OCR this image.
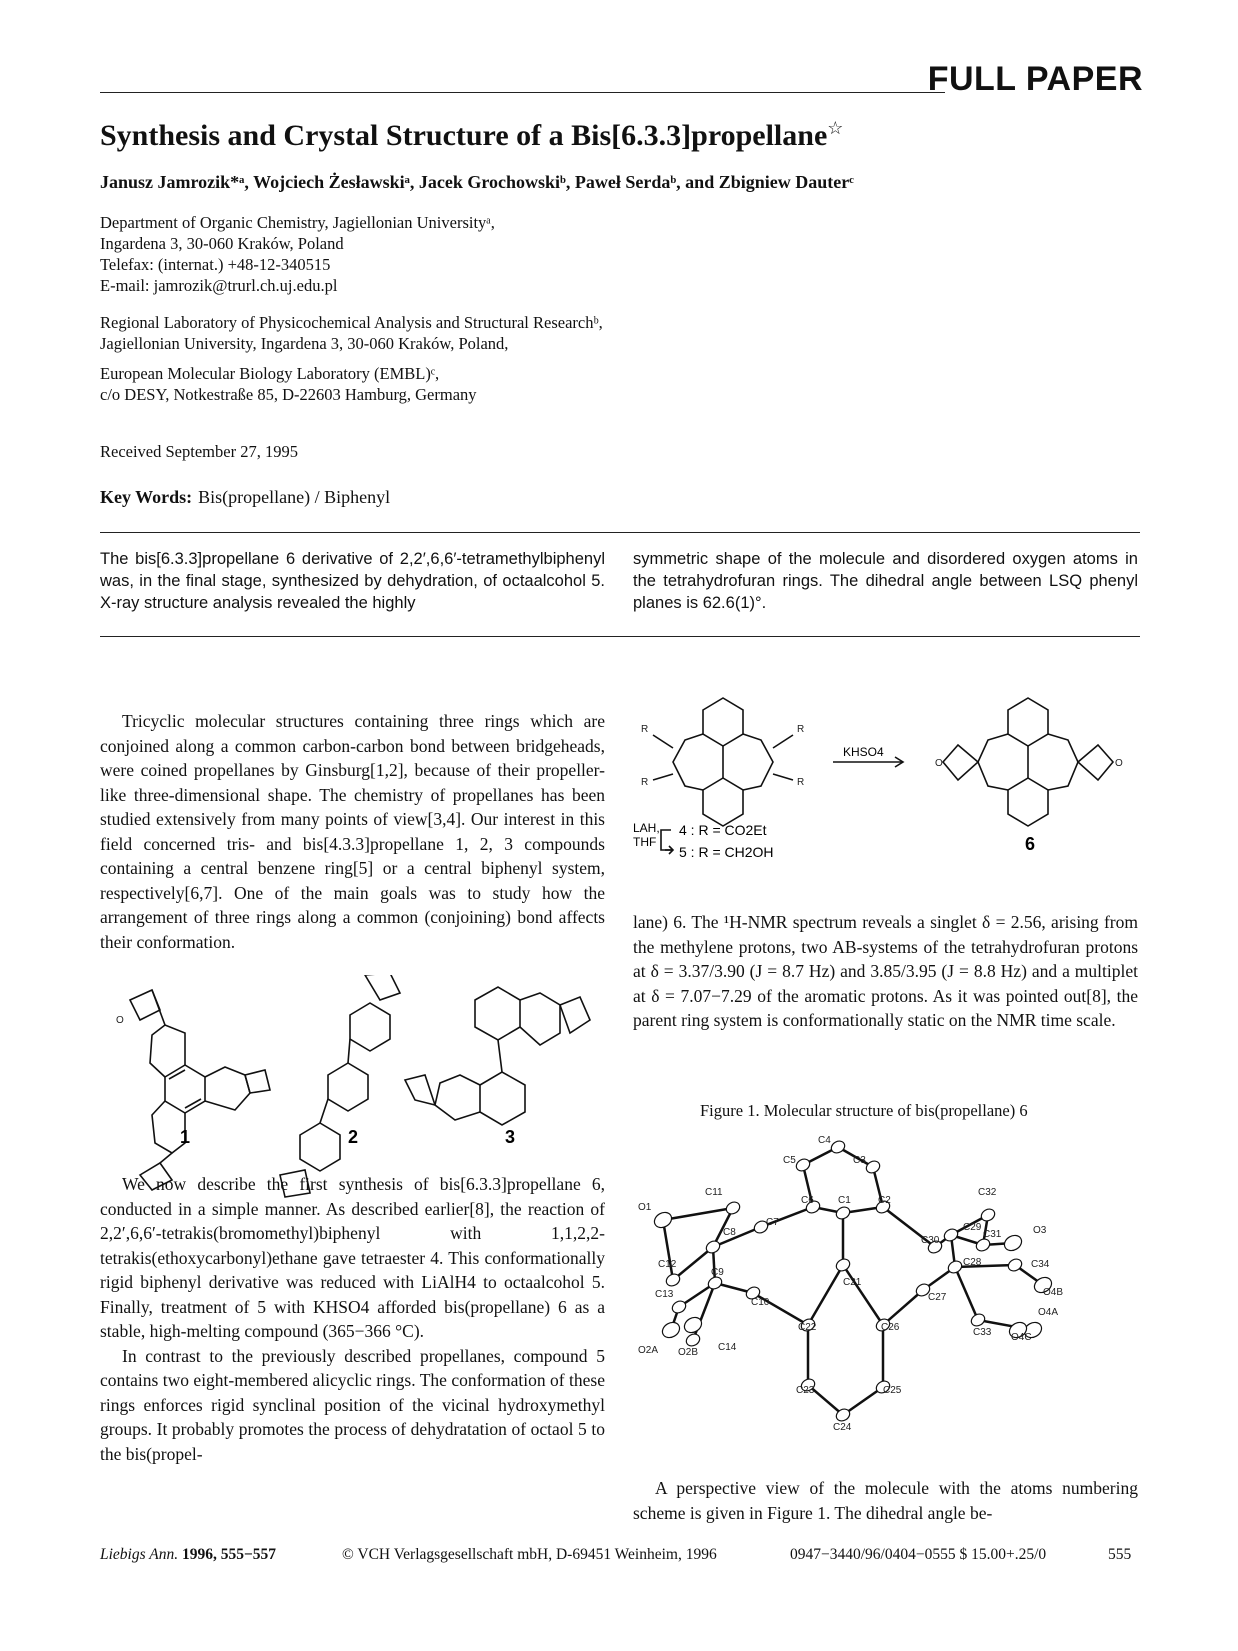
FULL PAPER
Synthesis and Crystal Structure of a Bis[6.3.3]propellane☆
Janusz Jamrozik*ᵃ, Wojciech Żesławskiᵃ, Jacek Grochowskiᵇ, Paweł Serdaᵇ, and Zbigniew Dauterᶜ
Department of Organic Chemistry, Jagiellonian Universityᵃ,
Ingardena 3, 30-060 Kraków, Poland
Telefax: (internat.) +48-12-340515
E-mail: jamrozik@trurl.ch.uj.edu.pl
Regional Laboratory of Physicochemical Analysis and Structural Researchᵇ,
Jagiellonian University, Ingardena 3, 30-060 Kraków, Poland,
European Molecular Biology Laboratory (EMBL)ᶜ,
c/o DESY, Notkestraße 85, D-22603 Hamburg, Germany
Received September 27, 1995
Key Words: Bis(propellane) / Biphenyl
The bis[6.3.3]propellane 6 derivative of 2,2′,6,6′-tetramethylbiphenyl was, in the final stage, synthesized by dehydration, of octaalcohol 5. X-ray structure analysis revealed the highly
symmetric shape of the molecule and disordered oxygen atoms in the tetrahydrofuran rings. The dihedral angle between LSQ phenyl planes is 62.6(1)°.

Tricyclic molecular structures containing three rings which are conjoined along a common carbon-carbon bond between bridgeheads, were coined propellanes by Ginsburg[1,2], because of their propeller-like three-dimensional shape. The chemistry of propellanes has been studied extensively from many points of view[3,4]. Our interest in this field concerned tris- and bis[4.3.3]propellane 1, 2, 3 compounds containing a central benzene ring[5] or a central biphenyl system, respectively[6,7]. One of the main goals was to study how the arrangement of three rings along a common (conjoining) bond affects their conformation.

O
1	2	3

We now describe the first synthesis of bis[6.3.3]propellane 6, conducted in a simple manner. As described earlier[8], the reaction of 2,2′,6,6′-tetrakis(bromomethyl)biphenyl with 1,1,2,2-tetrakis(ethoxycarbonyl)ethane gave tetraester 4. This conformationally rigid biphenyl derivative was reduced with LiAlH4 to octaalcohol 5. Finally, treatment of 5 with KHSO4 afforded bis(propellane) 6 as a stable, high-melting compound (365−366 °C).

In contrast to the previously described propellanes, compound 5 contains two eight-membered alicyclic rings. The conformation of these rings enforces rigid synclinal position of the vicinal hydroxymethyl groups. It probably promotes the process of dehydratation of octaol 5 to the bis(propel-

R
R
R
R
KHSO4
O	O
LAH,
THF
4 : R = CO2Et
5 : R = CH2OH	6

lane) 6. The ¹H-NMR spectrum reveals a singlet δ = 2.56, arising from the methylene protons, two AB-systems of the tetrahydrofuran protons at δ = 3.37/3.90 (J = 8.7 Hz) and 3.85/3.95 (J = 8.8 Hz) and a multiplet at δ = 7.07−7.29 of the aromatic protons. As it was pointed out[8], the parent ring system is conformationally static on the NMR time scale.

Figure 1. Molecular structure of bis(propellane) 6
C4
C5	C3
C11	C32
O1
C6 C1	C2
C29
C8
C7
C30
C31	O3
C12	C28	C34
C9
C21
C13	O4B
C10	C27
O4A
O2A O2B C14
C22	C26	C33 O4C
C23	C25
C24

A perspective view of the molecule with the atoms numbering scheme is given in Figure 1. The dihedral angle be-

Liebigs Ann. 1996, 555−557	© VCH Verlagsgesellschaft mbH, D-69451 Weinheim, 1996	0947−3440/96/0404−0555 $ 15.00+.25/0	555
